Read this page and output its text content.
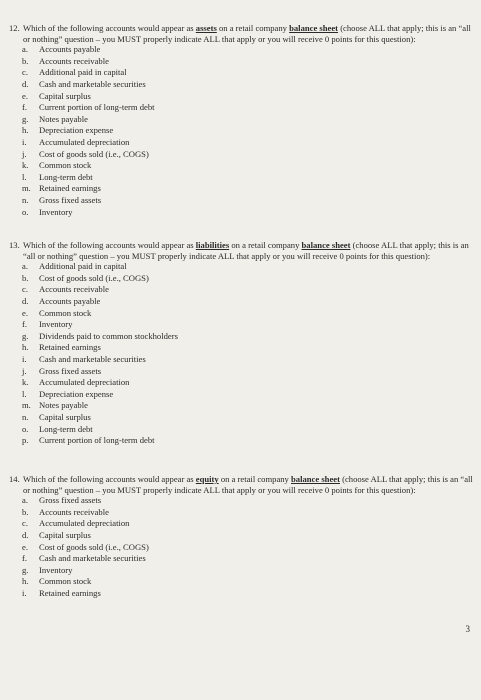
12. Which of the following accounts would appear as assets on a retail company balance sheet (choose ALL that apply; this is an “all or nothing” question – you MUST properly indicate ALL that apply or you will receive 0 points for this question):
a.	Accounts payable
b.	Accounts receivable
c.	Additional paid in capital
d.	Cash and marketable securities
e.	Capital surplus
f.	Current portion of long-term debt
g.	Notes payable
h.	Depreciation expense
i.	Accumulated depreciation
j.	Cost of goods sold (i.e., COGS)
k.	Common stock
l.	Long-term debt
m. Retained earnings
n.	Gross fixed assets
o.	Inventory
13. Which of the following accounts would appear as liabilities on a retail company balance sheet (choose ALL that apply; this is an “all or nothing” question – you MUST properly indicate ALL that apply or you will receive 0 points for this question):
a.	Additional paid in capital
b.	Cost of goods sold (i.e., COGS)
c.	Accounts receivable
d.	Accounts payable
e.	Common stock
f.	Inventory
g.	Dividends paid to common stockholders
h.	Retained earnings
i.	Cash and marketable securities
j.	Gross fixed assets
k.	Accumulated depreciation
l.	Depreciation expense
m. Notes payable
n.	Capital surplus
o.	Long-term debt
p.	Current portion of long-term debt
14. Which of the following accounts would appear as equity on a retail company balance sheet (choose ALL that apply; this is an “all or nothing” question – you MUST properly indicate ALL that apply or you will receive 0 points for this question):
a.	Gross fixed assets
b.	Accounts receivable
c.	Accumulated depreciation
d.	Capital surplus
e.	Cost of goods sold (i.e., COGS)
f.	Cash and marketable securities
g.	Inventory
h.	Common stock
i.	Retained earnings
3
